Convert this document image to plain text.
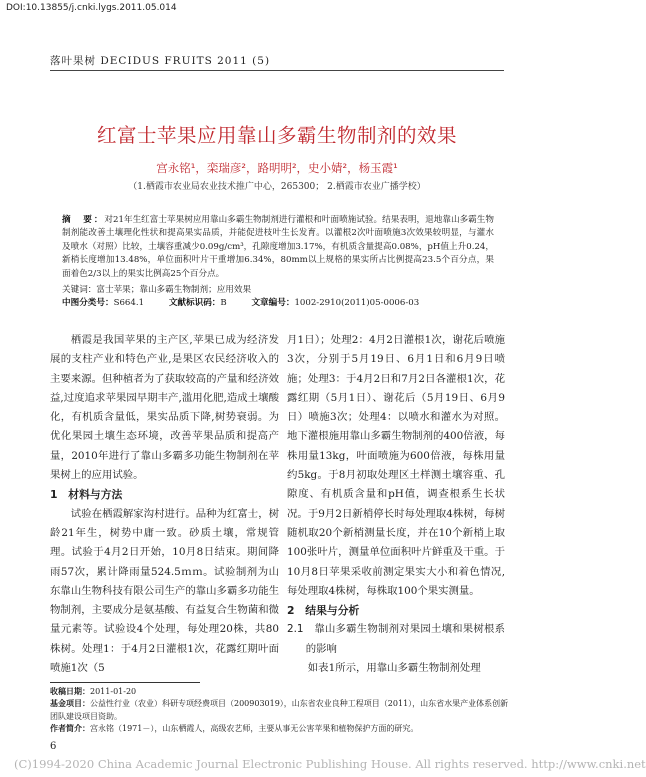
DOI:10.13855/j.cnki.lygs.2011.05.014
落叶果树 DECIDUS FRUITS 2011 (5)
红富士苹果应用靠山多霸生物制剂的效果
宫永铭¹，栾瑞彦²，路明明²，史小婧²，杨玉霞¹
（1.栖霞市农业局农业技术推广中心，265300； 2.栖霞市农业广播学校）
摘　要：对21年生红富士苹果树应用靠山多霸生物制剂进行灌根和叶面喷施试验。结果表明，退地靠山多霸生物制剂能改善土壤理化性状和提高果实品质，并能促进枝叶生长发育。以灌根2次叶面喷施3次效果较明显，与灌水及喷水（对照）比较，土壤容重减少0.09g/cm³，孔隙度增加3.17%，有机质含量提高0.08%，pH值上升0.24，新梢长度增加13.48%，单位面积叶片干重增加6.34%，80mm以上规格的果实所占比例提高23.5个百分点，果面着色2/3以上的果实比例高25个百分点。
关键词：富士苹果；靠山多霸生物制剂；应用效果
中图分类号：S664.1	文献标识码：B	文章编号：1002-2910(2011)05-0006-03

栖霞是我国苹果的主产区,苹果已成为经济发展的支柱产业和特色产业,是果区农民经济收入的主要来源。但种植者为了获取较高的产量和经济效益,过度追求苹果园早期丰产,滥用化肥,造成土壤酸化，有机质含量低，果实品质下降,树势衰弱。为优化果园土壤生态环境，改善苹果品质和提高产量，2010年进行了靠山多霸多功能生物制剂在苹果树上的应用试验。

1　材料与方法

试验在栖霞解家沟村进行。品种为红富士，树龄21年生，树势中庸一致。砂质土壤，常规管理。试验于4月2日开始，10月8日结束。期间降雨57次，累计降雨量524.5ｍｍ。试验制剂为山东靠山生物科技有限公司生产的靠山多霸多功能生物制剂，主要成分是氨基酸、有益复合生物菌和微量元素等。试验设4个处理，每处理20株，共80株树。处理1：于4月2日灌根1次，花露红期叶面喷施1次（5

月1日）；处理2：4月2日灌根1次，谢花后喷施3次，分别于5月19日、6月1日和6月9日喷施；处理3：于4月2日和7月2日各灌根1次，花露红期（5月1日）、谢花后（5月19日、6月9日）喷施3次；处理4：以喷水和灌水为对照。地下灌根施用靠山多霸生物制剂的400倍液，每株用量13kg，叶面喷施为600倍液，每株用量约5kg。于8月初取处理区土样测土壤容重、孔隙度、有机质含量和pH值，调查根系生长状况。于9月2日新梢停长时每处理取4株树，每树随机取20个新梢测量长度，并在10个新梢上取100张叶片，测量单位面积叶片鲜重及干重。于10月8日苹果采收前测定果实大小和着色情况,每处理取4株树，每株取100个果实测量。

2　结果与分析

2.1　靠山多霸生物制剂对果园土壤和果树根系的影响

如表1所示，用靠山多霸生物制剂处理

收稿日期：2011-01-20
基金项目：公益性行业（农业）科研专项经费项目（200903019），山东省农业良种工程项目（2011），山东省水果产业体系创新团队建设项目资助。
作者简介：宫永铭（1971－），山东栖霞人，高级农艺师，主要从事无公害苹果和植物保护方面的研究。
6
(C)1994-2020 China Academic Journal Electronic Publishing House. All rights reserved. http://www.cnki.net
